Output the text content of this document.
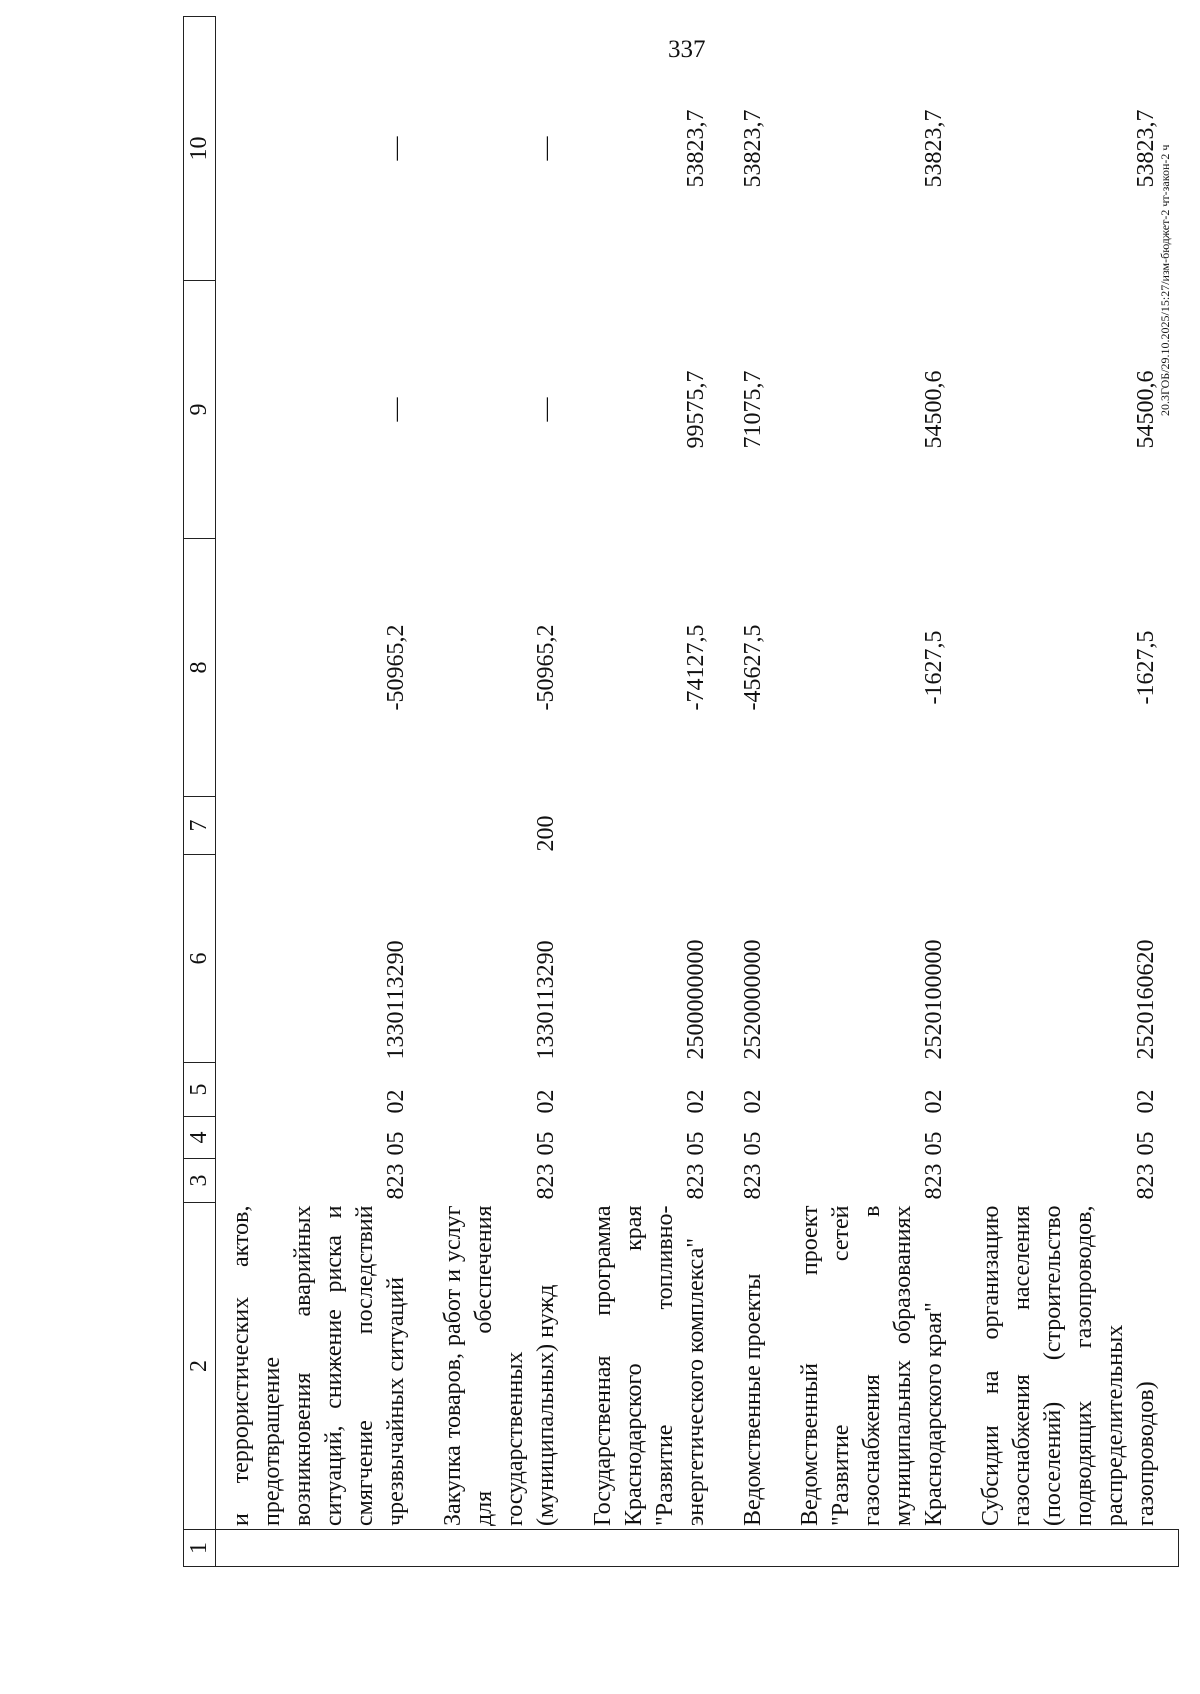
337
1	2	3	4	5	6	7	8	9	10
	и террористических актов, предотвращение возникновения аварийных ситуаций, снижение риска и смягчение последствий чрезвычайных ситуаций	823	05	02	1330113290		-50965,2	—	—
	Закупка товаров, работ и услуг для обеспечения государственных (муниципальных) нужд	823	05	02	1330113290	200	-50965,2	—	—
	Государственная программа Краснодарского края "Развитие топливно-энергетического комплекса"	823	05	02	2500000000		-74127,5	99575,7	53823,7
	Ведомственные проекты	823	05	02	2520000000		-45627,5	71075,7	53823,7
	Ведомственный проект "Развитие сетей газоснабжения в муниципальных образованиях Краснодарского края"	823	05	02	2520100000		-1627,5	54500,6	53823,7
	Субсидии на организацию газоснабжения населения (поселений) (строительство подводящих газопроводов, распределительных газопроводов)	823	05	02	2520160620		-1627,5	54500,6	53823,7 20.3ГОБ/29.10.2025/15:27/изм-бюджет-2 чт-закон-2 ч
